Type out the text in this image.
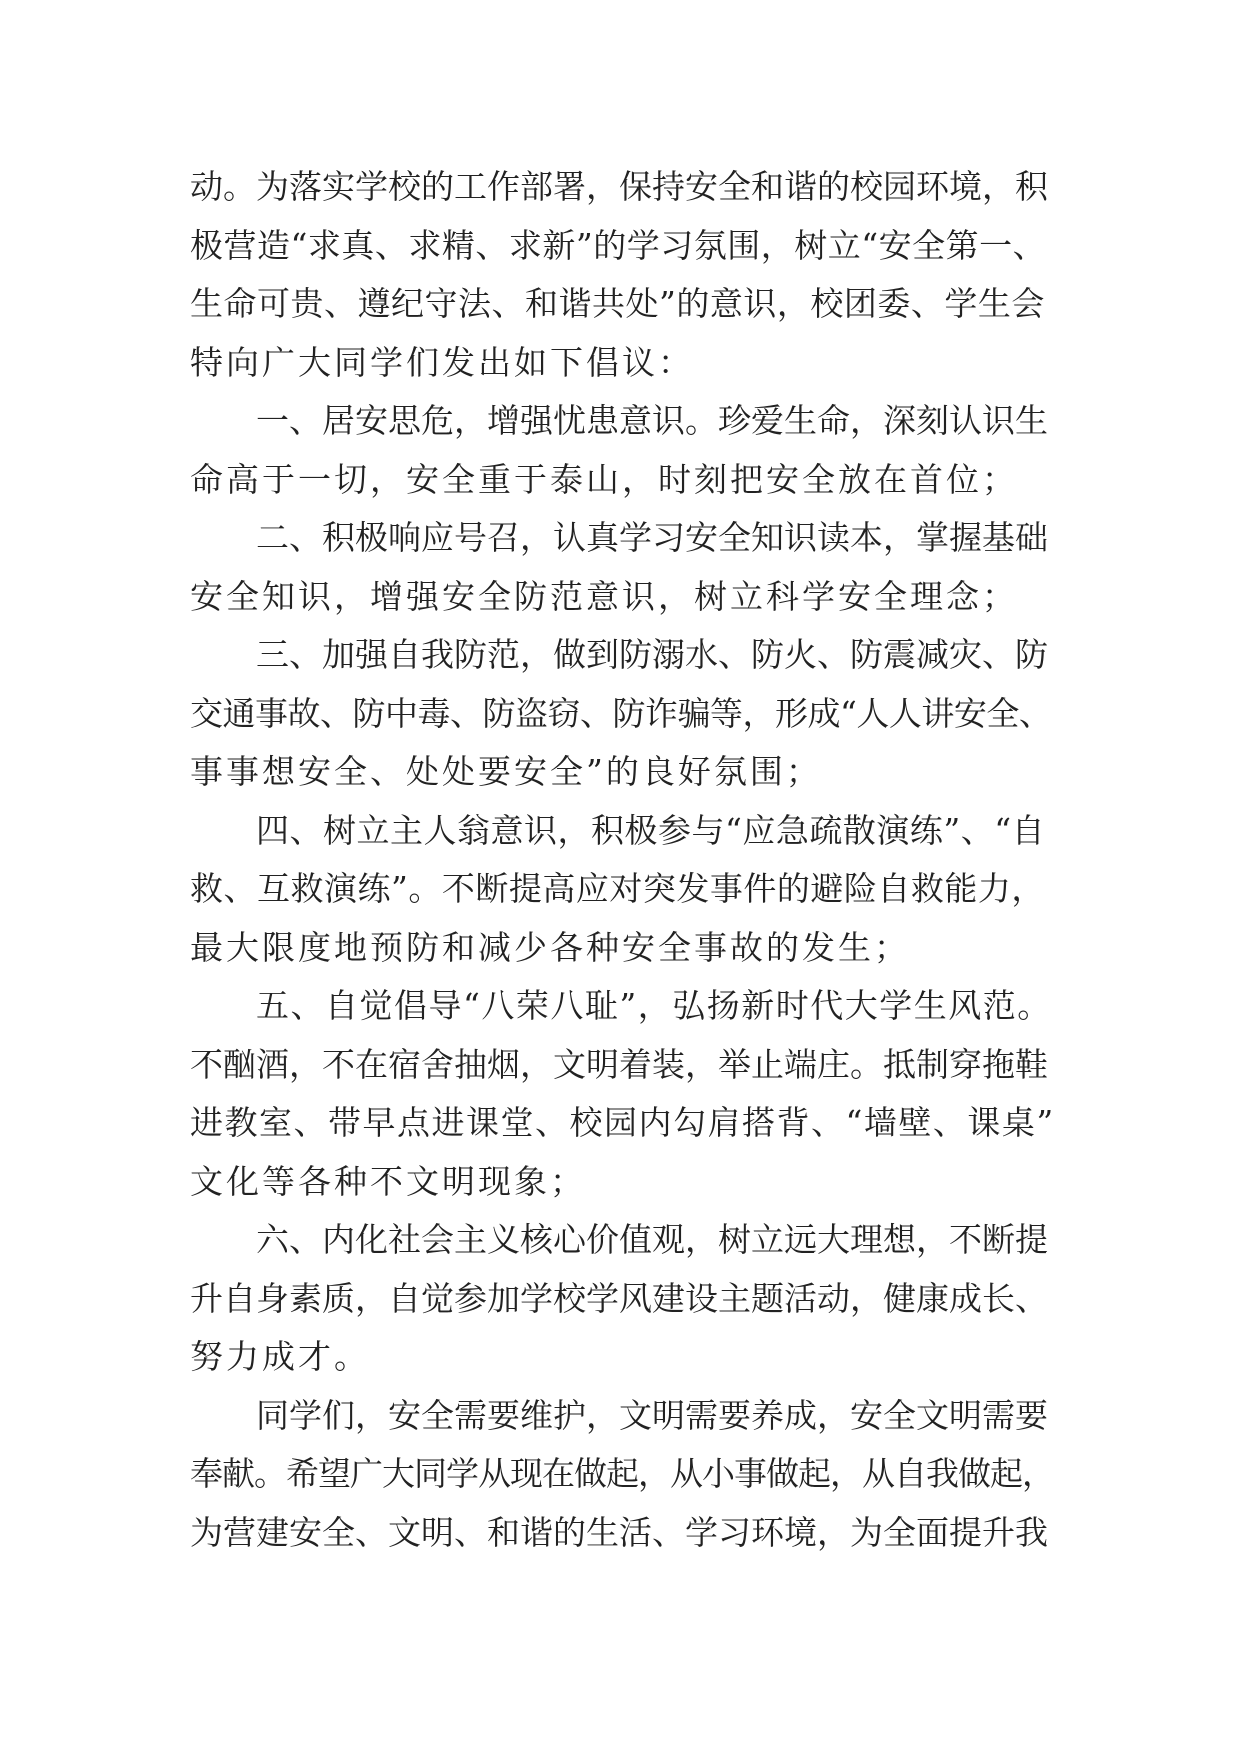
动。为落实学校的工作部署，保持安全和谐的校园环境，积

极营造“求真、求精、求新”的学习氛围，树立“安全第一、

生命可贵、遵纪守法、和谐共处”的意识，校团委、学生会

特向广大同学们发出如下倡议：

一、居安思危，增强忧患意识。珍爱生命，深刻认识生

命高于一切，安全重于泰山，时刻把安全放在首位；

二、积极响应号召，认真学习安全知识读本，掌握基础

安全知识，增强安全防范意识，树立科学安全理念；

三、加强自我防范，做到防溺水、防火、防震减灾、防

交通事故、防中毒、防盗窃、防诈骗等，形成“人人讲安全、

事事想安全、处处要安全”的良好氛围；

四、树立主人翁意识，积极参与“应急疏散演练”、“自

救、互救演练”。不断提高应对突发事件的避险自救能力，

最大限度地预防和减少各种安全事故的发生；

五、自觉倡导“八荣八耻”，弘扬新时代大学生风范。

不酗酒，不在宿舍抽烟，文明着装，举止端庄。抵制穿拖鞋

进教室、带早点进课堂、校园内勾肩搭背、“墙壁、课桌”

文化等各种不文明现象；

六、内化社会主义核心价值观，树立远大理想，不断提

升自身素质，自觉参加学校学风建设主题活动，健康成长、

努力成才。

同学们，安全需要维护，文明需要养成，安全文明需要

奉献。希望广大同学从现在做起，从小事做起，从自我做起，

为营建安全、文明、和谐的生活、学习环境，为全面提升我
